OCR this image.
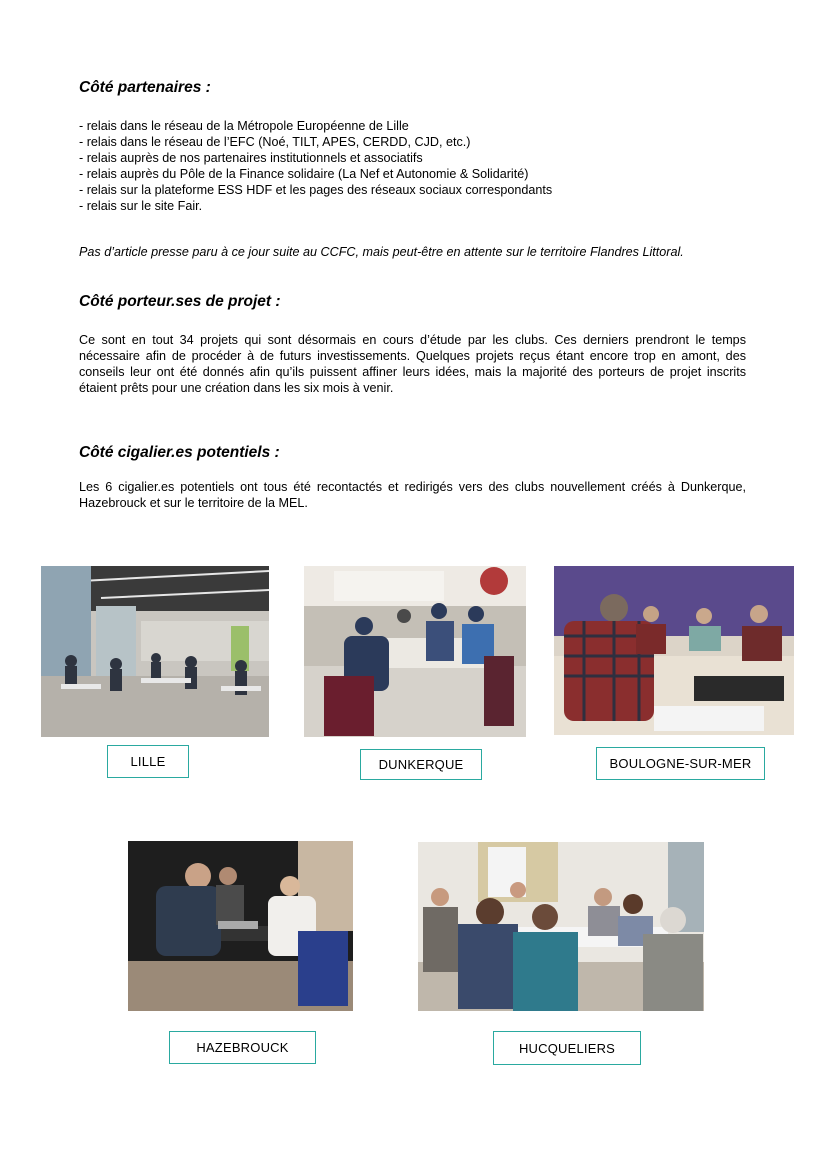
Côté partenaires :
- relais dans le réseau de la Métropole Européenne de Lille
- relais dans le réseau de l’EFC (Noé, TILT, APES, CERDD, CJD, etc.)
- relais auprès de nos partenaires institutionnels et associatifs
- relais auprès du Pôle de la Finance solidaire (La Nef et Autonomie & Solidarité)
- relais sur la plateforme ESS HDF et les pages des réseaux sociaux correspondants
- relais sur le site Fair.

Pas d’article presse paru à ce jour suite au CCFC, mais peut-être en attente sur le territoire Flandres Littoral.

Côté porteur.ses de projet :

Ce sont en tout 34 projets qui sont désormais en cours d’étude par les clubs. Ces derniers prendront le temps nécessaire afin de procéder à de futurs investissements. Quelques projets reçus étant encore trop en amont, des conseils leur ont été donnés afin qu’ils puissent affiner leurs idées, mais la majorité des porteurs de projet inscrits étaient prêts pour une création dans les six mois à venir.

Côté cigalier.es potentiels :

Les 6 cigalier.es potentiels ont tous été recontactés et redirigés vers des clubs nouvellement créés à Dunkerque, Hazebrouck et sur le territoire de la MEL.

LILLE	DUNKERQUE	BOULOGNE-SUR-MER
HAZEBROUCK	HUCQUELIERS
